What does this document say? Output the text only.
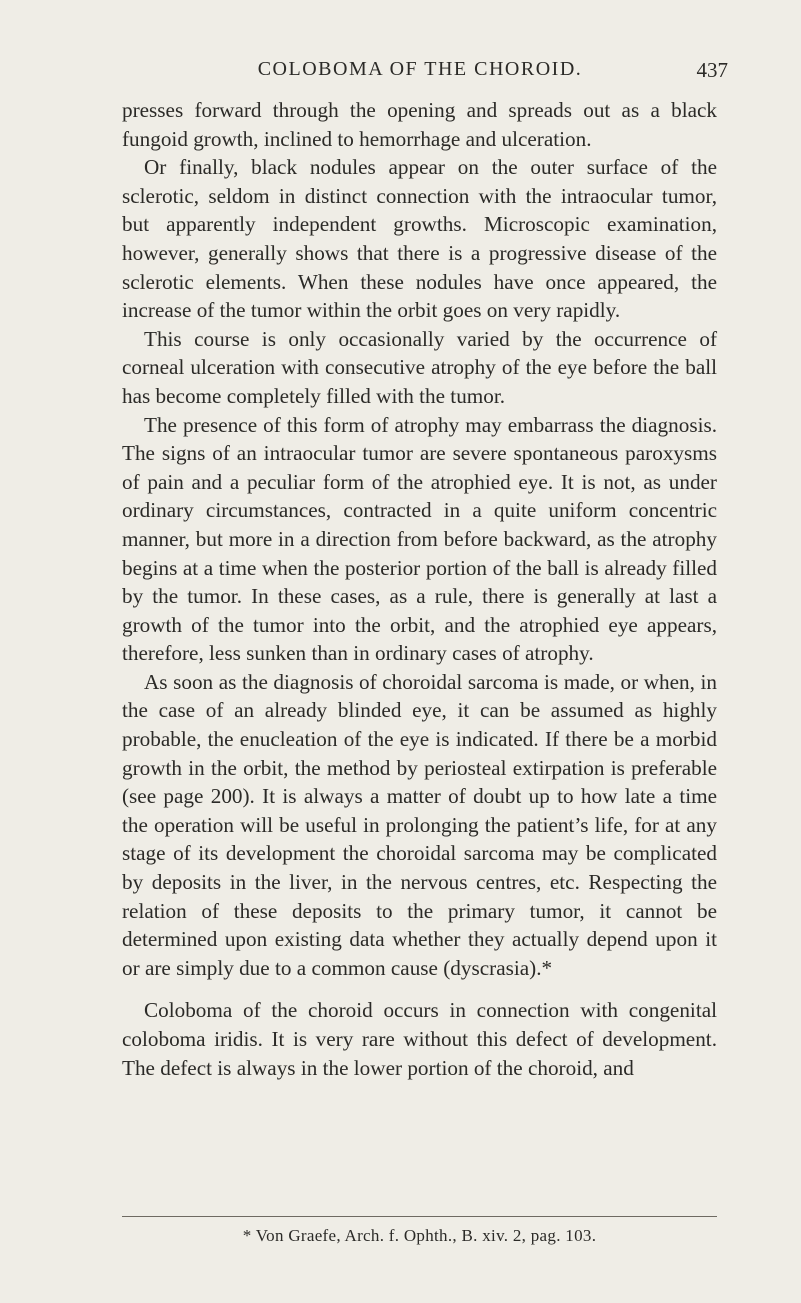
COLOBOMA OF THE CHOROID.	437

presses forward through the opening and spreads out as a black fungoid growth, inclined to hemorrhage and ulceration.

Or finally, black nodules appear on the outer surface of the sclerotic, seldom in distinct connection with the intraocular tumor, but apparently independent growths. Microscopic examination, however, generally shows that there is a progressive disease of the sclerotic elements. When these nodules have once appeared, the increase of the tumor within the orbit goes on very rapidly.

This course is only occasionally varied by the occurrence of corneal ulceration with consecutive atrophy of the eye before the ball has become completely filled with the tumor.

The presence of this form of atrophy may embarrass the diagnosis. The signs of an intraocular tumor are severe spontaneous paroxysms of pain and a peculiar form of the atrophied eye. It is not, as under ordinary circumstances, contracted in a quite uniform concentric manner, but more in a direction from before backward, as the atrophy begins at a time when the posterior portion of the ball is already filled by the tumor. In these cases, as a rule, there is generally at last a growth of the tumor into the orbit, and the atrophied eye appears, therefore, less sunken than in ordinary cases of atrophy.

As soon as the diagnosis of choroidal sarcoma is made, or when, in the case of an already blinded eye, it can be assumed as highly probable, the enucleation of the eye is indicated. If there be a morbid growth in the orbit, the method by periosteal extirpation is preferable (see page 200). It is always a matter of doubt up to how late a time the operation will be useful in prolonging the patient’s life, for at any stage of its development the choroidal sarcoma may be complicated by deposits in the liver, in the nervous centres, etc. Respecting the relation of these deposits to the primary tumor, it cannot be determined upon existing data whether they actually depend upon it or are simply due to a common cause (dyscrasia).*

Coloboma of the choroid occurs in connection with congenital coloboma iridis. It is very rare without this defect of development. The defect is always in the lower portion of the choroid, and

* Von Graefe, Arch. f. Ophth., B. xiv. 2, pag. 103.
